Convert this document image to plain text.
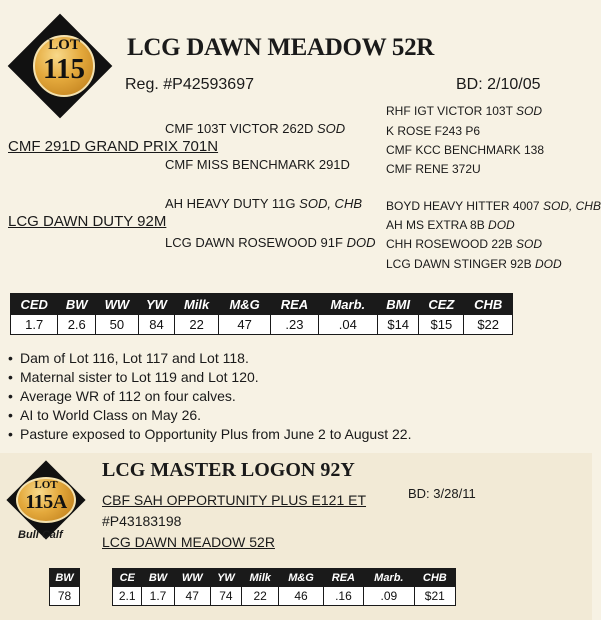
LOT
115
LCG DAWN MEADOW 52R
Reg. #P42593697	BD: 2/10/05
RHF IGT VICTOR 103T SOD
CMF 103T VICTOR 262D SOD	K ROSE F243 P6
CMF 291D GRAND PRIX 701N	CMF KCC BENCHMARK 138
CMF MISS BENCHMARK 291D	CMF RENE 372U
AH HEAVY DUTY 11G SOD, CHB BOYD HEAVY HITTER 4007 SOD, CHB
LCG DAWN DUTY 92M	AH MS EXTRA 8B DOD
LCG DAWN ROSEWOOD 91F DOD CHH ROSEWOOD 22B SOD
LCG DAWN STINGER 92B DOD
CED	BW	WW	YW	Milk	M&G	REA	Marb.	BMI	CEZ	CHB
1.7	2.6	50	84	22	47	.23	.04	$14	$15	$22
• Dam of Lot 116, Lot 117 and Lot 118.
• Maternal sister to Lot 119 and Lot 120.
• Average WR of 112 on four calves.
• AI to World Class on May 26.
• Pasture exposed to Opportunity Plus from June 2 to August 22.
LOT
115A
Bull Calf
LCG MASTER LOGON 92Y
BD: 3/28/11
CBF SAH OPPORTUNITY PLUS E121 ET
#P43183198
LCG DAWN MEADOW 52R
BW
78
CE	BW	WW	YW	Milk	M&G	REA	Marb.	CHB
2.1	1.7	47	74	22	46	.16	.09	$21
